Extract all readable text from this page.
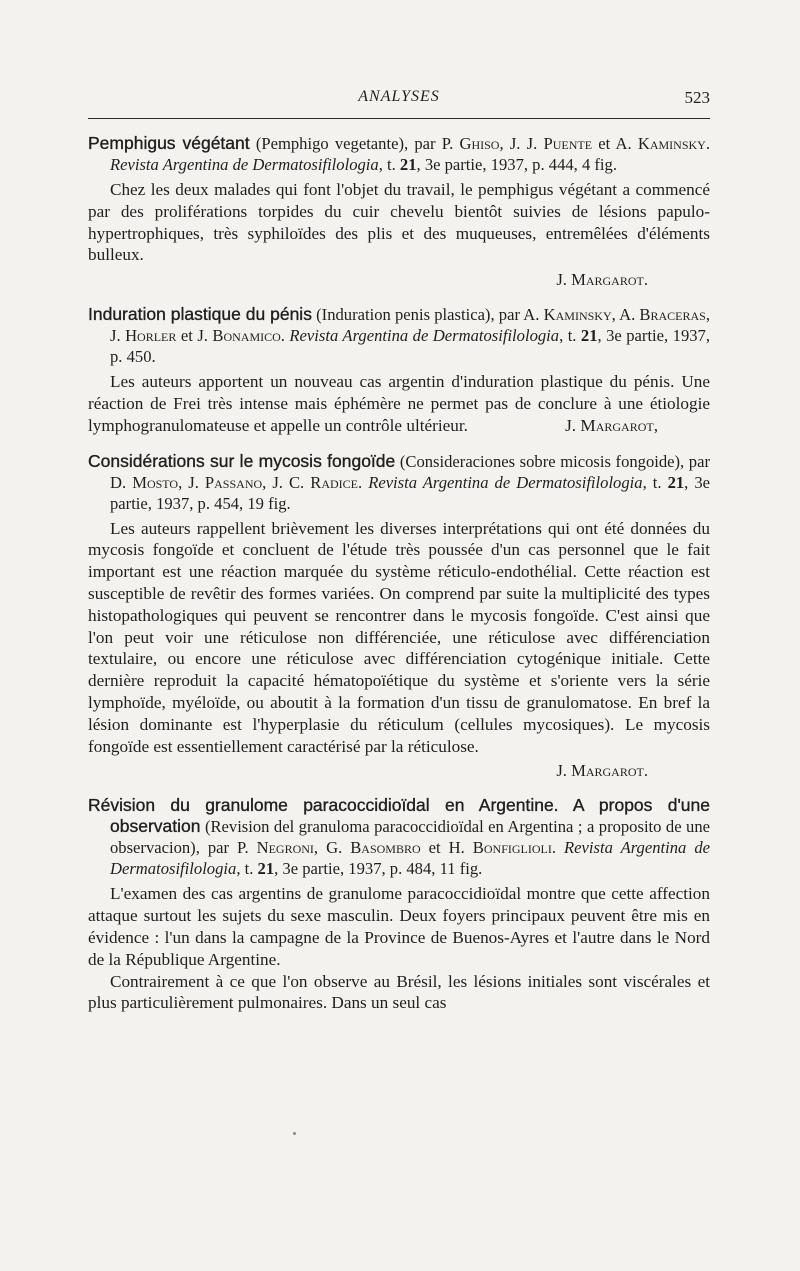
ANALYSES	523
Pemphigus végétant (Pemphigo vegetante), par P. Ghiso, J. J. Puente et A. Kaminsky. Revista Argentina de Dermatosifilologia, t. 21, 3e partie, 1937, p. 444, 4 fig.

Chez les deux malades qui font l'objet du travail, le pemphigus végétant a commencé par des proliférations torpides du cuir chevelu bientôt suivies de lésions papulo-hypertrophiques, très syphiloïdes des plis et des muqueuses, entremêlées d'éléments bulleux.

J. Margarot.
Induration plastique du pénis (Induration penis plastica), par A. Kaminsky, A. Braceras, J. Horler et J. Bonamico. Revista Argentina de Dermatosifilologia, t. 21, 3e partie, 1937, p. 450.

Les auteurs apportent un nouveau cas argentin d'induration plastique du pénis. Une réaction de Frei très intense mais éphémère ne permet pas de conclure à une étiologie lymphogranulomateuse et appelle un contrôle ultérieur.	J. Margarot,

Considérations sur le mycosis fongoïde (Consideraciones sobre micosis fongoide), par D. Mosto, J. Passano, J. C. Radice. Revista Argentina de Dermatosifilologia, t. 21, 3e partie, 1937, p. 454, 19 fig.

Les auteurs rappellent brièvement les diverses interprétations qui ont été données du mycosis fongoïde et concluent de l'étude très poussée d'un cas personnel que le fait important est une réaction marquée du système réticulo-endothélial. Cette réaction est susceptible de revêtir des formes variées. On comprend par suite la multiplicité des types histopathologiques qui peuvent se rencontrer dans le mycosis fongoïde. C'est ainsi que l'on peut voir une réticulose non différenciée, une réticulose avec différenciation textulaire, ou encore une réticulose avec différenciation cytogénique initiale. Cette dernière reproduit la capacité hématopoïétique du système et s'oriente vers la série lymphoïde, myéloïde, ou aboutit à la formation d'un tissu de granulomatose. En bref la lésion dominante est l'hyperplasie du réticulum (cellules mycosiques). Le mycosis fongoïde est essentiellement caractérisé par la réticulose.

J. Margarot.
Révision du granulome paracoccidioïdal en Argentine. A propos d'une observation (Revision del granuloma paracoccidioïdal en Argentina ; a proposito de une observacion), par P. Negroni, G. Basombro et H. Bonfiglioli. Revista Argentina de Dermatosifilologia, t. 21, 3e partie, 1937, p. 484, 11 fig.

L'examen des cas argentins de granulome paracoccidioïdal montre que cette affection attaque surtout les sujets du sexe masculin. Deux foyers principaux peuvent être mis en évidence : l'un dans la campagne de la Province de Buenos-Ayres et l'autre dans le Nord de la République Argentine.

Contrairement à ce que l'on observe au Brésil, les lésions initiales sont viscérales et plus particulièrement pulmonaires. Dans un seul cas
